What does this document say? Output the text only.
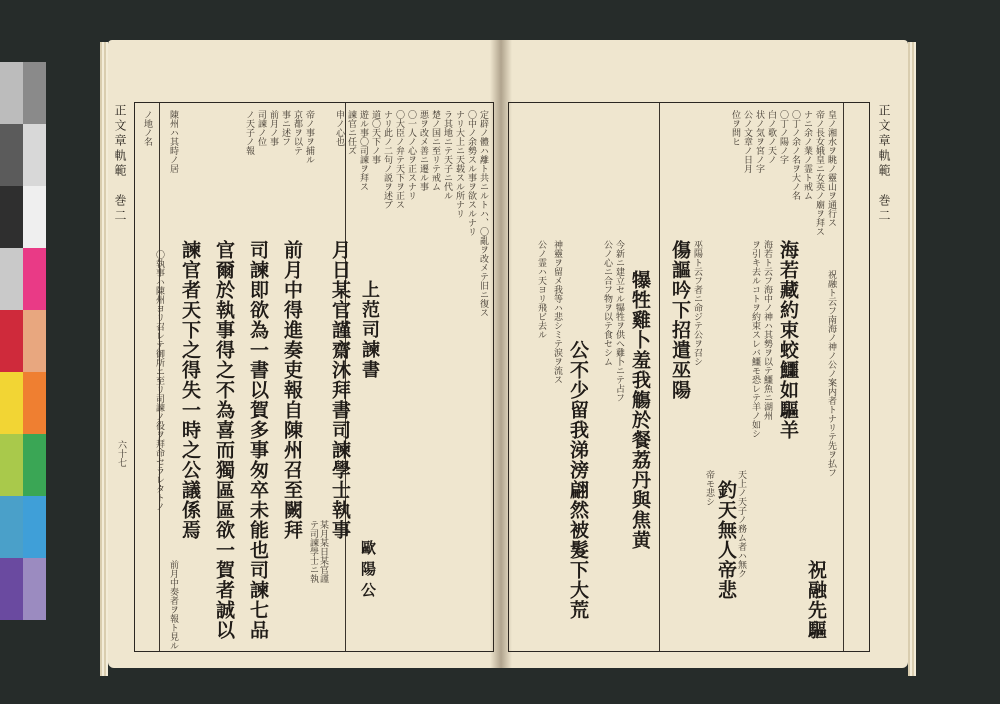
正文章軌範　巻二
六十七
定辟ノ體ハ離ト共ニルトハ、〇亂ヲ改メテ旧ニ復ス
〇中ノ余勢スル事ヲ欲スルナリ
ナリ大上ニ天载スル所ナリ
ラ其地ニテ天子ニ代ル
楚ノ国ニ至リテ戒ム
悪ヲ改メ善ニ遷ル事
〇一人ノ心ヲ正スナリ
〇大臣ノ弁テ天下ヲ正ス
ナリ此ノ二句ノ説ヲ述ブ
道〇天下ノ事
遊ル事〇司諫ヲ拜ス
諫官ニ任ズ
申ノ心也
帝ノ事ヲ捕ル
京都ヲ以テ
事ニ述フ
前月ノ事
司諫ノ位
ノ天子ノ報
上范司諫書
歐陽公
月日某官謹齋沐拜書司諫學士執事
某月某日某官謹
テ司諫學士ニ執
前月中得進奏吏報自陳州召至闕拜
司諫即欲為一書以賀多事匆卒未能也司諫七品
官爾於執事得之不為喜而獨區區欲一賀者誠以
諫官者天下之得失一時之公議係焉
陳州ハ其時ノ居
〇執事ハ陳州ヨリ召レテ御所ニ至リ司諫ノ役ヲ拜命セラレタトノ
ノ地ノ名
前月中奏者ヲ報ト見ル
正文章軌範　巻二
皇ノ湘水ヲ眺ノ靈山ヲ通行ス
帝ノ長女娥皇ニ女英ノ廟ヲ拜ス
ナニ余ノ業ノ霊ト戒ム
〇丁ノ余ノ名ヲ大ノ名
〇丁ノ陽ノ字
白ノ歌ノ天ノ
状ノ気ヲ宮ノ字
公ノ文章ノ日月
位ヲ問ヒ
祝融先驅
祝融ト云フ南海ノ神ノ公ノ案内者トナリテ先ヲ払フ
海若藏約束蛟鱷如驅羊
海若ト云フ海中ノ神ハ其勢ヲ以テ鱷魚ニ湖州
ヲ引キ去ルコトヲ約束スレバ鱷モ恐レテ羊ノ如シ
釣天無人帝悲 天上ノ天子ノ務ム者ハ無ク
帝モ悲シ
傷謳吟下招遣巫陽 巫陽ト云フ者ニ命ジテ公ヲ召シ
犦牲雞卜羞我觴於餐荔丹與焦黄
今新ニ建立セル犦牲ヲ供ヘ雞卜ニテ占フ
公ノ心ニ合フ物ヲ以テ食セシム
公不少留我涕滂翩然被髮下大荒
神靈ヲ留メ我等ハ悲シミテ涙ヲ流ス
公ノ霊ハ天ヨリ飛ビ去ル
